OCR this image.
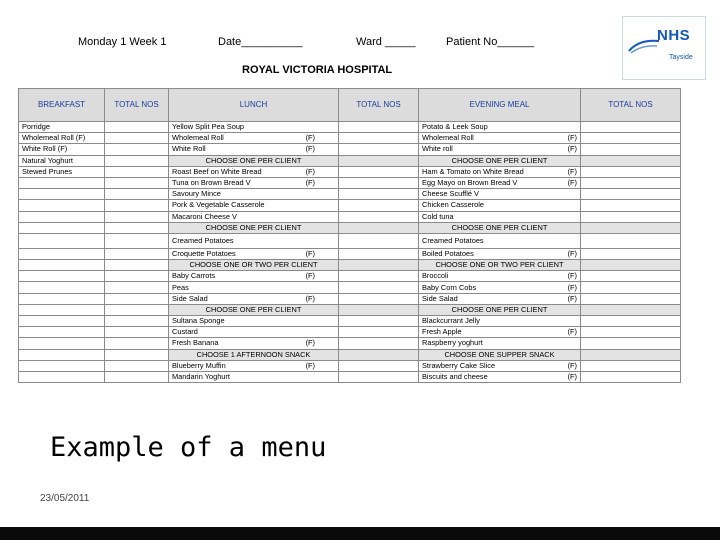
Monday 1 Week 1	Date__________	Ward _____	Patient No______
ROYAL VICTORIA HOSPITAL
NHS
Tayside
BREAKFAST	TOTAL NOS	LUNCH	TOTAL NOS	EVENING MEAL	TOTAL NOS
Porridge		Yellow Split Pea Soup		Potato & Leek Soup

Wholemeal Roll (F)		Wholemeal Roll (F)		Wholemeal Roll (F)	

White Roll (F)		White Roll (F)		White roll (F)	

Natural Yoghurt		CHOOSE ONE PER CLIENT		CHOOSE ONE PER CLIENT	
Stewed Prunes		Roast Beef on White Bread (F)		Ham & Tomato on White Bread (F)	

		Tuna on Brown Bread V (F)		Egg Mayo on Brown Bread V (F)	

		Savoury Mince		Cheese Scufflé V

		Pork & Vegetable Casserole		Chicken Casserole

		Macaroni Cheese V		Cold tuna

		CHOOSE ONE PER CLIENT		CHOOSE ONE PER CLIENT	
		Creamed Potatoes		Creamed Potatoes

		Croquette Potatoes (F)		Boiled Potatoes (F)	

		CHOOSE ONE OR TWO PER CLIENT		CHOOSE ONE OR TWO PER CLIENT	
		Baby Carrots (F)		Broccoli (F)	

		Peas		Baby Corn Cobs (F)	

		Side Salad (F)		Side Salad (F)	

		CHOOSE ONE PER CLIENT		CHOOSE ONE PER CLIENT	
		Sultana Sponge		Blackcurrant Jelly

		Custard		Fresh Apple (F)	

		Fresh Banana (F)		Raspberry yoghurt

		CHOOSE 1 AFTERNOON SNACK		CHOOSE ONE SUPPER SNACK	
		Blueberry Muffin (F)		Strawberry Cake Slice (F)	

		Mandarin Yoghurt		Biscuits and cheese (F)	

Example of a menu
23/05/2011
